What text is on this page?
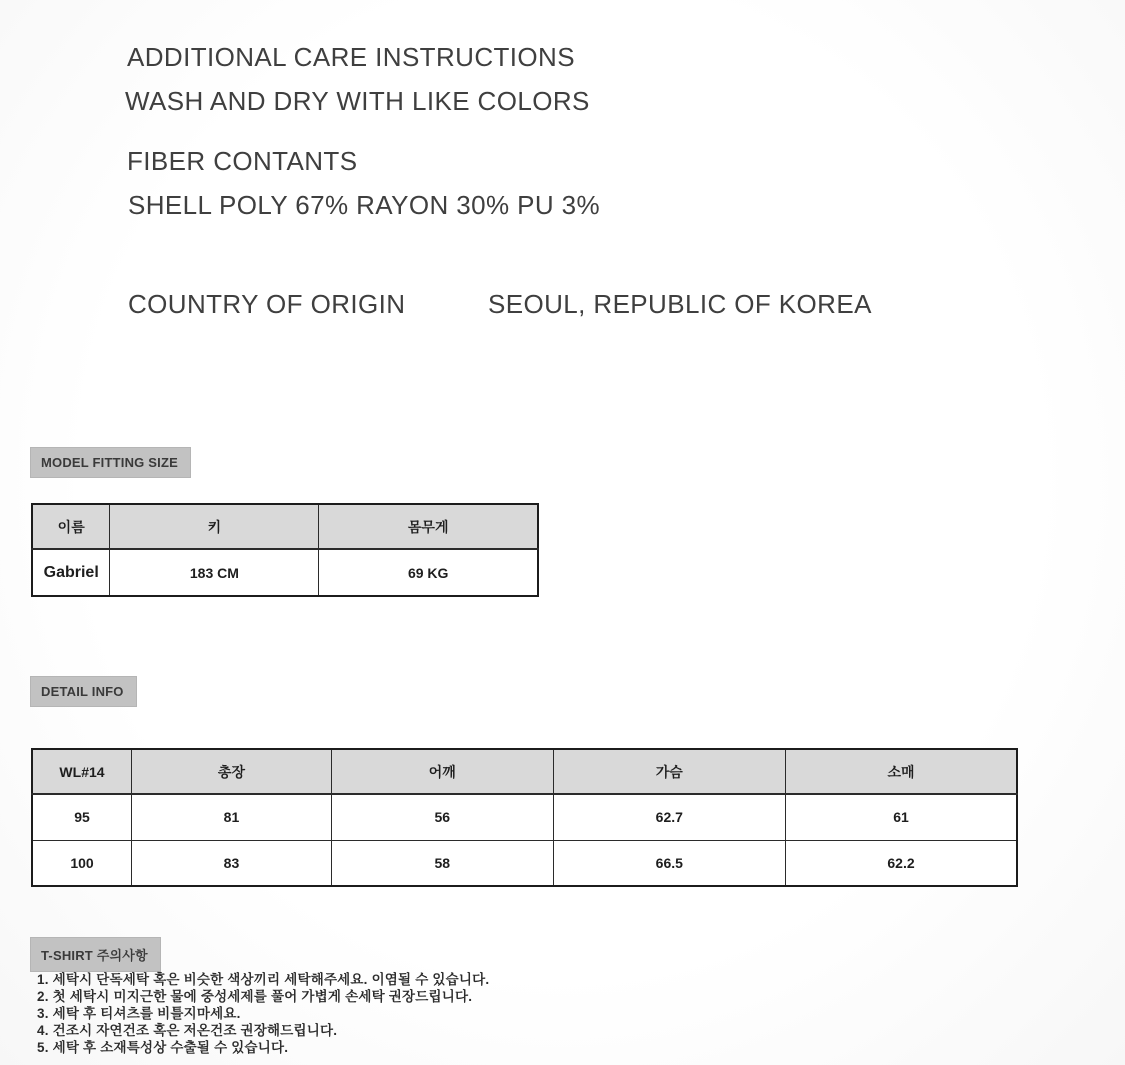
ADDITIONAL CARE INSTRUCTIONS
WASH AND DRY WITH LIKE COLORS
FIBER CONTANTS
SHELL POLY 67% RAYON 30% PU 3%
COUNTRY OF ORIGIN	SEOUL, REPUBLIC OF KOREA
MODEL FITTING SIZE
이름	키	몸무게
Gabriel	183 CM	69 KG
DETAIL INFO
WL#14	총장	어깨	가슴	소매
95	81	56	62.7	61
100	83	58	66.5	62.2
T-SHIRT 주의사항
1. 세탁시 단독세탁 혹은 비슷한 색상끼리 세탁해주세요. 이염될 수 있습니다.
2. 첫 세탁시 미지근한 물에 중성세제를 풀어 가볍게 손세탁 권장드립니다.
3. 세탁 후 티셔츠를 비틀지마세요.
4. 건조시 자연건조 혹은 저온건조 권장해드립니다.
5. 세탁 후 소재특성상 수출될 수 있습니다.
